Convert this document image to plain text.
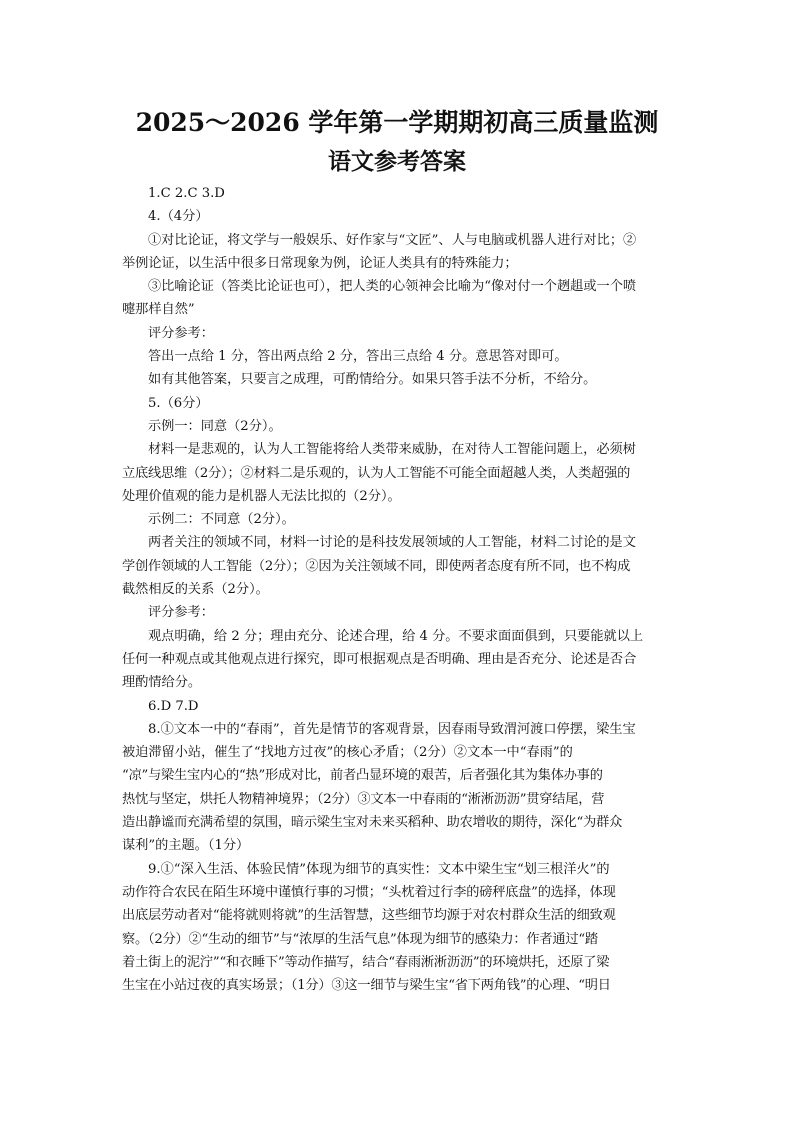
2025～2026 学年第一学期期初高三质量监测
语文参考答案
1.C 2.C 3.D
4.（4分）
①对比论证，将文学与一般娱乐、好作家与“文匠”、人与电脑或机器人进行对比；②
举例论证，以生活中很多日常现象为例，论证人类具有的特殊能力；
③比喻论证（答类比论证也可），把人类的心领神会比喻为“像对付一个趔趄或一个喷
嚏那样自然”
评分参考：
答出一点给 1 分，答出两点给 2 分，答出三点给 4 分。意思答对即可。
如有其他答案，只要言之成理，可酌情给分。如果只答手法不分析，不给分。
5.（6分）
示例一：同意（2分）。
材料一是悲观的，认为人工智能将给人类带来威胁，在对待人工智能问题上，必须树
立底线思维（2分）；②材料二是乐观的，认为人工智能不可能全面超越人类，人类超强的
处理价值观的能力是机器人无法比拟的（2分）。
示例二：不同意（2分）。
两者关注的领域不同，材料一讨论的是科技发展领域的人工智能，材料二讨论的是文
学创作领域的人工智能（2分）；②因为关注领域不同，即使两者态度有所不同，也不构成
截然相反的关系（2分）。
评分参考：
观点明确，给 2 分；理由充分、论述合理，给 4 分。不要求面面俱到，只要能就以上
任何一种观点或其他观点进行探究，即可根据观点是否明确、理由是否充分、论述是否合
理酌情给分。
6.D 7.D
8.①文本一中的“春雨”，首先是情节的客观背景，因春雨导致渭河渡口停摆，梁生宝
被迫滞留小站，催生了“找地方过夜”的核心矛盾；（2分）②文本一中“春雨”的
“凉”与梁生宝内心的“热”形成对比，前者凸显环境的艰苦，后者强化其为集体办事的
热忱与坚定，烘托人物精神境界；（2分）③文本一中春雨的“淅淅沥沥”贯穿结尾，营
造出静谧而充满希望的氛围，暗示梁生宝对未来买稻种、助农增收的期待，深化“为群众
谋利”的主题。（1分）
9.①“深入生活、体验民情”体现为细节的真实性：文本中梁生宝“划三根洋火”的
动作符合农民在陌生环境中谨慎行事的习惯；“头枕着过行李的磅秤底盘”的选择，体现
出底层劳动者对“能将就则将就”的生活智慧，这些细节均源于对农村群众生活的细致观
察。（2分）②“生动的细节”与“浓厚的生活气息”体现为细节的感染力：作者通过“踏
着土街上的泥泞”“和衣睡下”等动作描写，结合“春雨淅淅沥沥”的环境烘托，还原了梁
生宝在小站过夜的真实场景；（1分）③这一细节与梁生宝“省下两角钱”的心理、“明日
